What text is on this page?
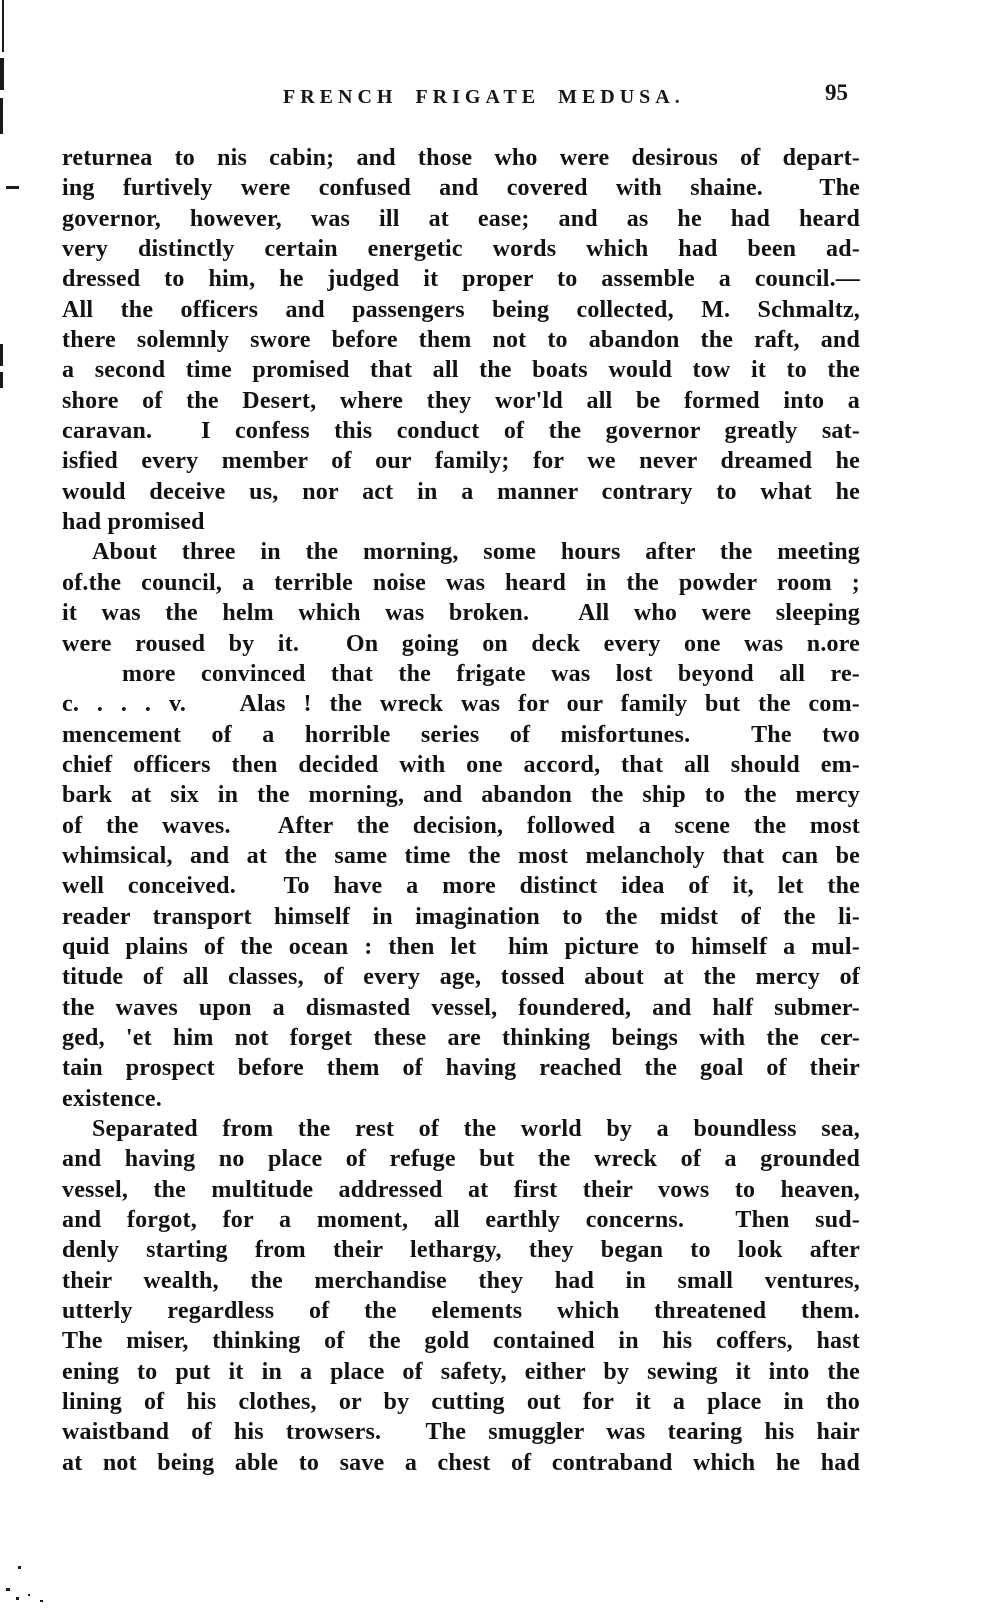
FRENCH FRIGATE MEDUSA.	95
returnea to nis cabin; and those who were desirous of depart-
ing furtively were confused and covered with shaine.  The
governor, however, was ill at ease; and as he had heard
very distinctly certain energetic words which had been ad-
dressed to him, he judged it proper to assemble a council.—
All the officers and passengers being collected, M. Schmaltz,
there solemnly swore before them not to abandon the raft, and
a second time promised that all the boats would tow it to the
shore of the Desert, where they wor'ld all be formed into a
caravan.  I confess this conduct of the governor greatly sat-
isfied every member of our family; for we never dreamed he
would deceive us, nor act in a manner contrary to what he
had promised
About three in the morning, some hours after the meeting
of.the council, a terrible noise was heard in the powder room ;
it was the helm which was broken.  All who were sleeping
were roused by it.  On going on deck every one was n.ore
more convinced that the frigate was lost beyond all re-
c. . . . v.   Alas ! the wreck was for our family but the com-
mencement of a horrible series of misfortunes.  The two
chief officers then decided with one accord, that all should em-
bark at six in the morning, and abandon the ship to the mercy
of the waves.  After the decision, followed a scene the most
whimsical, and at the same time the most melancholy that can be
well conceived.  To have a more distinct idea of it, let the
reader transport himself in imagination to the midst of the li-
quid plains of the ocean : then let  him picture to himself a mul-
titude of all classes, of every age, tossed about at the mercy of
the waves upon a dismasted vessel, foundered, and half submer-
ged, 'et him not forget these are thinking beings with the cer-
tain prospect before them of having reached the goal of their
existence.
Separated from the rest of the world by a boundless sea,
and having no place of refuge but the wreck of a grounded
vessel, the multitude addressed at first their vows to heaven,
and forgot, for a moment, all earthly concerns.  Then sud-
denly starting from their lethargy, they began to look after
their wealth, the merchandise they had in small ventures,
utterly regardless of the elements which threatened them.
The miser, thinking of the gold contained in his coffers, hast
ening to put it in a place of safety, either by sewing it into the
lining of his clothes, or by cutting out for it a place in tho
waistband of his trowsers.  The smuggler was tearing his hair
at not being able to save a chest of contraband which he had
